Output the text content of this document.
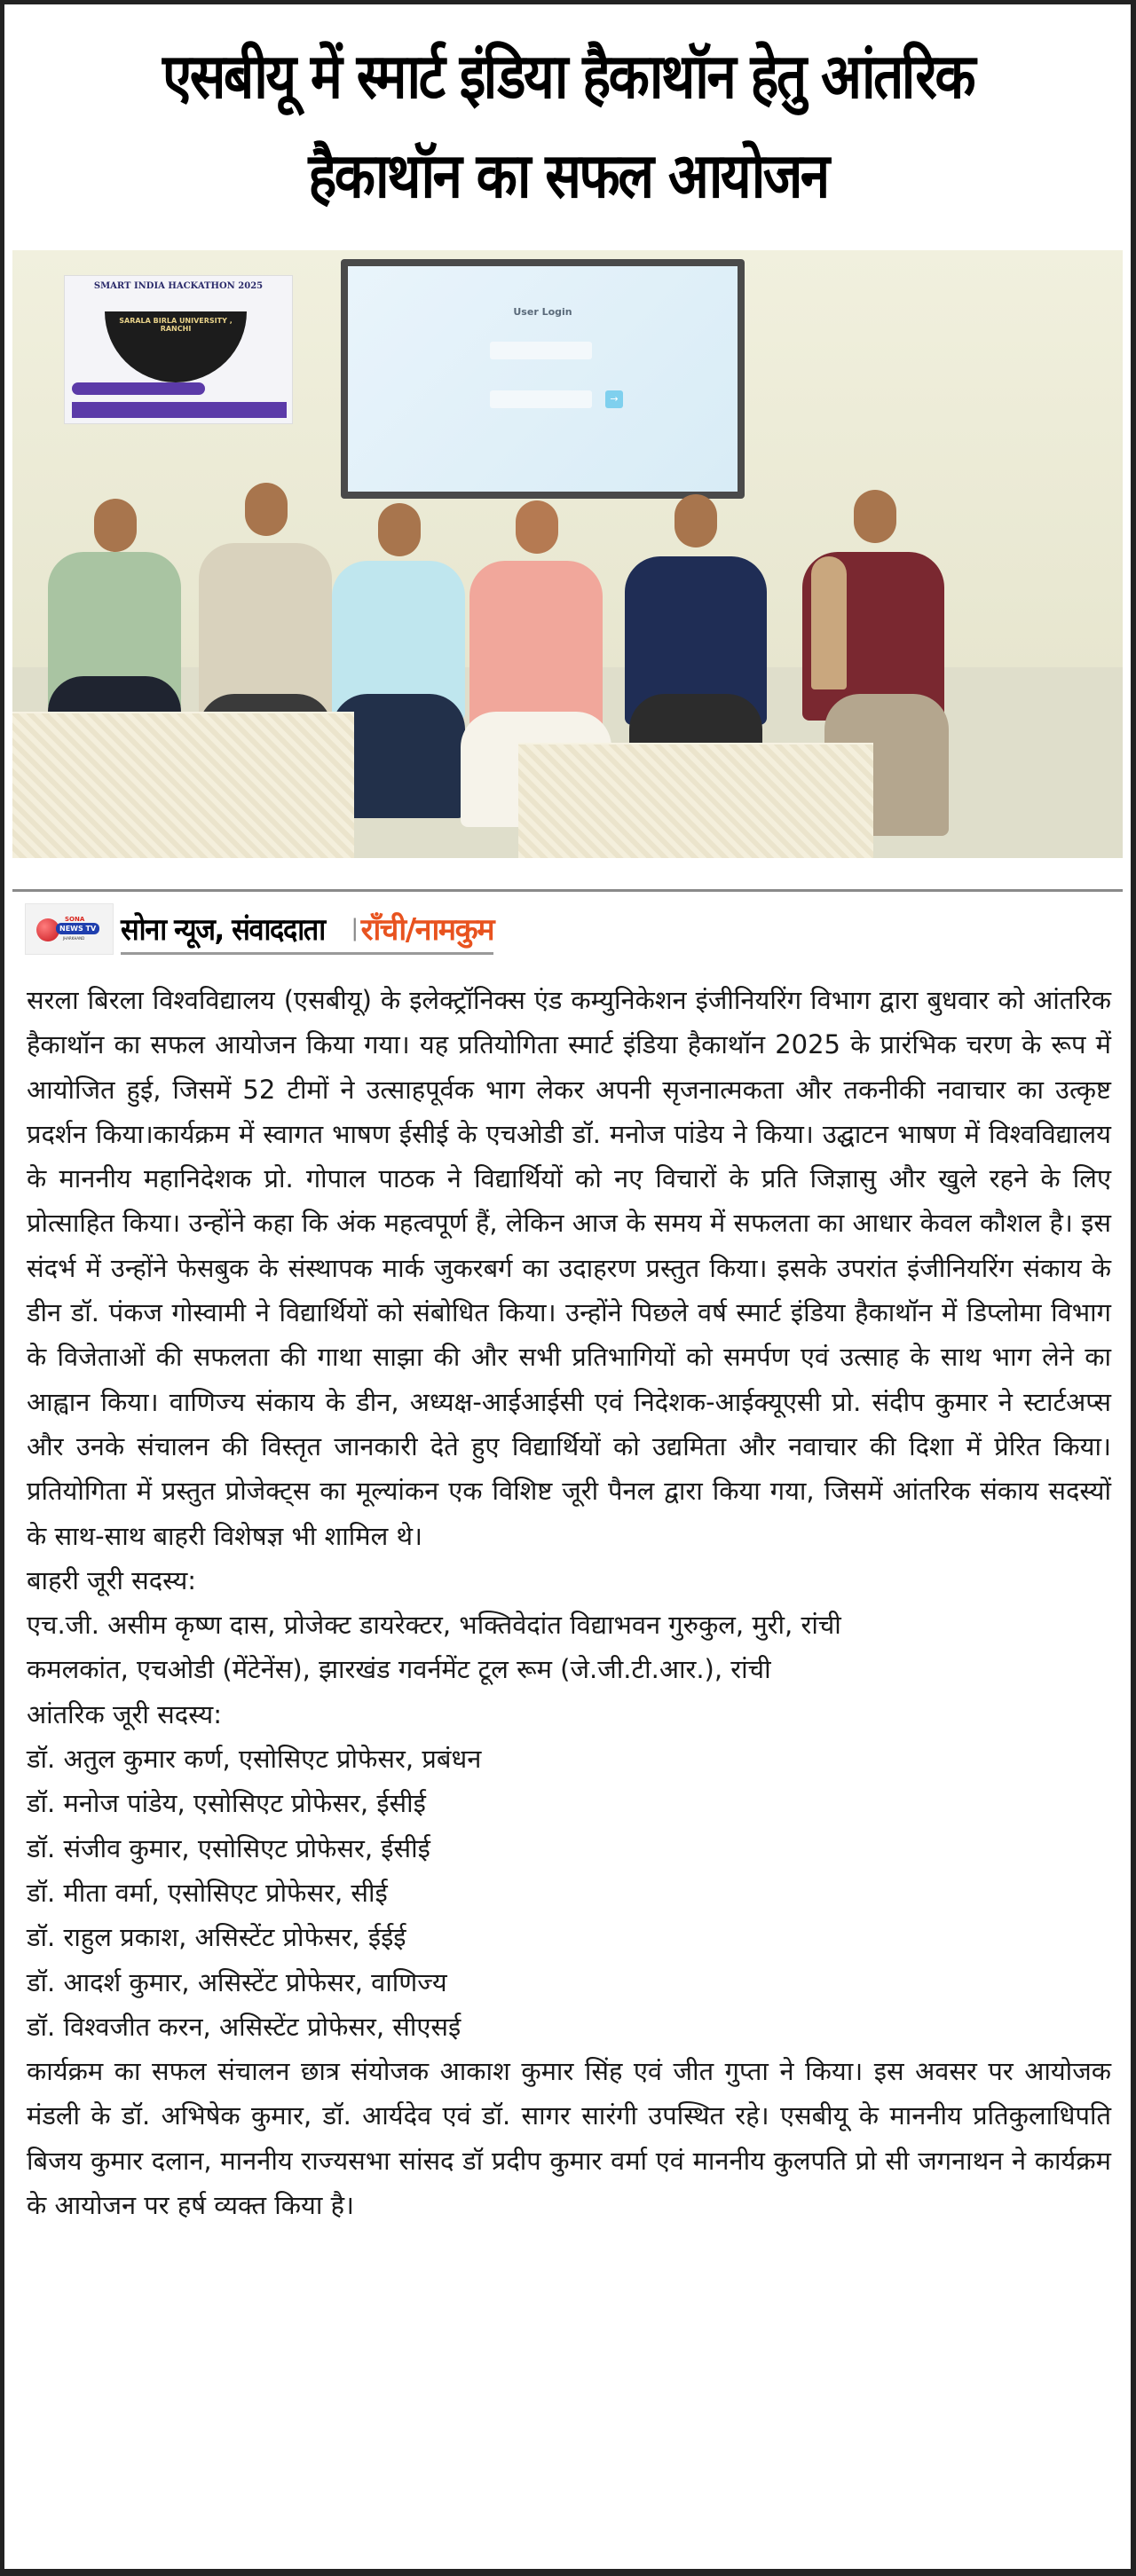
एसबीयू में स्मार्ट इंडिया हैकाथॉन हेतु आंतरिक
हैकाथॉन का सफल आयोजन
SMART INDIA HACKATHON 2025
SARALA BIRLA UNIVERSITY , RANCHI
User Login
→
SONA
NEWS TV
JHARKHAND सोना न्यूज, संवाददाता | राँची/नामकुम

सरला बिरला विश्वविद्यालय (एसबीयू) के इलेक्ट्रॉनिक्स एंड कम्युनिकेशन इंजीनियरिंग विभाग द्वारा बुधवार को आंतरिक हैकाथॉन का सफल आयोजन किया गया। यह प्रतियोगिता स्मार्ट इंडिया हैकाथॉन 2025 के प्रारंभिक चरण के रूप में आयोजित हुई, जिसमें 52 टीमों ने उत्साहपूर्वक भाग लेकर अपनी सृजनात्मकता और तकनीकी नवाचार का उत्कृष्ट प्रदर्शन किया।कार्यक्रम में स्वागत भाषण ईसीई के एचओडी डॉ. मनोज पांडेय ने किया। उद्घाटन भाषण में विश्वविद्यालय के माननीय महानिदेशक प्रो. गोपाल पाठक ने विद्यार्थियों को नए विचारों के प्रति जिज्ञासु और खुले रहने के लिए प्रोत्साहित किया। उन्होंने कहा कि अंक महत्वपूर्ण हैं, लेकिन आज के समय में सफलता का आधार केवल कौशल है। इस संदर्भ में उन्होंने फेसबुक के संस्थापक मार्क जुकरबर्ग का उदाहरण प्रस्तुत किया। इसके उपरांत इंजीनियरिंग संकाय के डीन डॉ. पंकज गोस्वामी ने विद्यार्थियों को संबोधित किया। उन्होंने पिछले वर्ष स्मार्ट इंडिया हैकाथॉन में डिप्लोमा विभाग के विजेताओं की सफलता की गाथा साझा की और सभी प्रतिभागियों को समर्पण एवं उत्साह के साथ भाग लेने का आह्वान किया। वाणिज्य संकाय के डीन, अध्यक्ष-आईआईसी एवं निदेशक-आईक्यूएसी प्रो. संदीप कुमार ने स्टार्टअप्स और उनके संचालन की विस्तृत जानकारी देते हुए विद्यार्थियों को उद्यमिता और नवाचार की दिशा में प्रेरित किया। प्रतियोगिता में प्रस्तुत प्रोजेक्ट्स का मूल्यांकन एक विशिष्ट जूरी पैनल द्वारा किया गया, जिसमें आंतरिक संकाय सदस्यों के साथ-साथ बाहरी विशेषज्ञ भी शामिल थे।

बाहरी जूरी सदस्य:
एच.जी. असीम कृष्ण दास, प्रोजेक्ट डायरेक्टर, भक्तिवेदांत विद्याभवन गुरुकुल, मुरी, रांची
कमलकांत, एचओडी (मेंटेनेंस), झारखंड गवर्नमेंट टूल रूम (जे.जी.टी.आर.), रांची
आंतरिक जूरी सदस्य:
डॉ. अतुल कुमार कर्ण, एसोसिएट प्रोफेसर, प्रबंधन
डॉ. मनोज पांडेय, एसोसिएट प्रोफेसर, ईसीई
डॉ. संजीव कुमार, एसोसिएट प्रोफेसर, ईसीई
डॉ. मीता वर्मा, एसोसिएट प्रोफेसर, सीई
डॉ. राहुल प्रकाश, असिस्टेंट प्रोफेसर, ईईई
डॉ. आदर्श कुमार, असिस्टेंट प्रोफेसर, वाणिज्य
डॉ. विश्वजीत करन, असिस्टेंट प्रोफेसर, सीएसई

कार्यक्रम का सफल संचालन छात्र संयोजक आकाश कुमार सिंह एवं जीत गुप्ता ने किया। इस अवसर पर आयोजक मंडली के डॉ. अभिषेक कुमार, डॉ. आर्यदेव एवं डॉ. सागर सारंगी उपस्थित रहे। एसबीयू के माननीय प्रतिकुलाधिपति बिजय कुमार दलान, माननीय राज्यसभा सांसद डॉ प्रदीप कुमार वर्मा एवं माननीय कुलपति प्रो सी जगनाथन ने कार्यक्रम के आयोजन पर हर्ष व्यक्त किया है।
